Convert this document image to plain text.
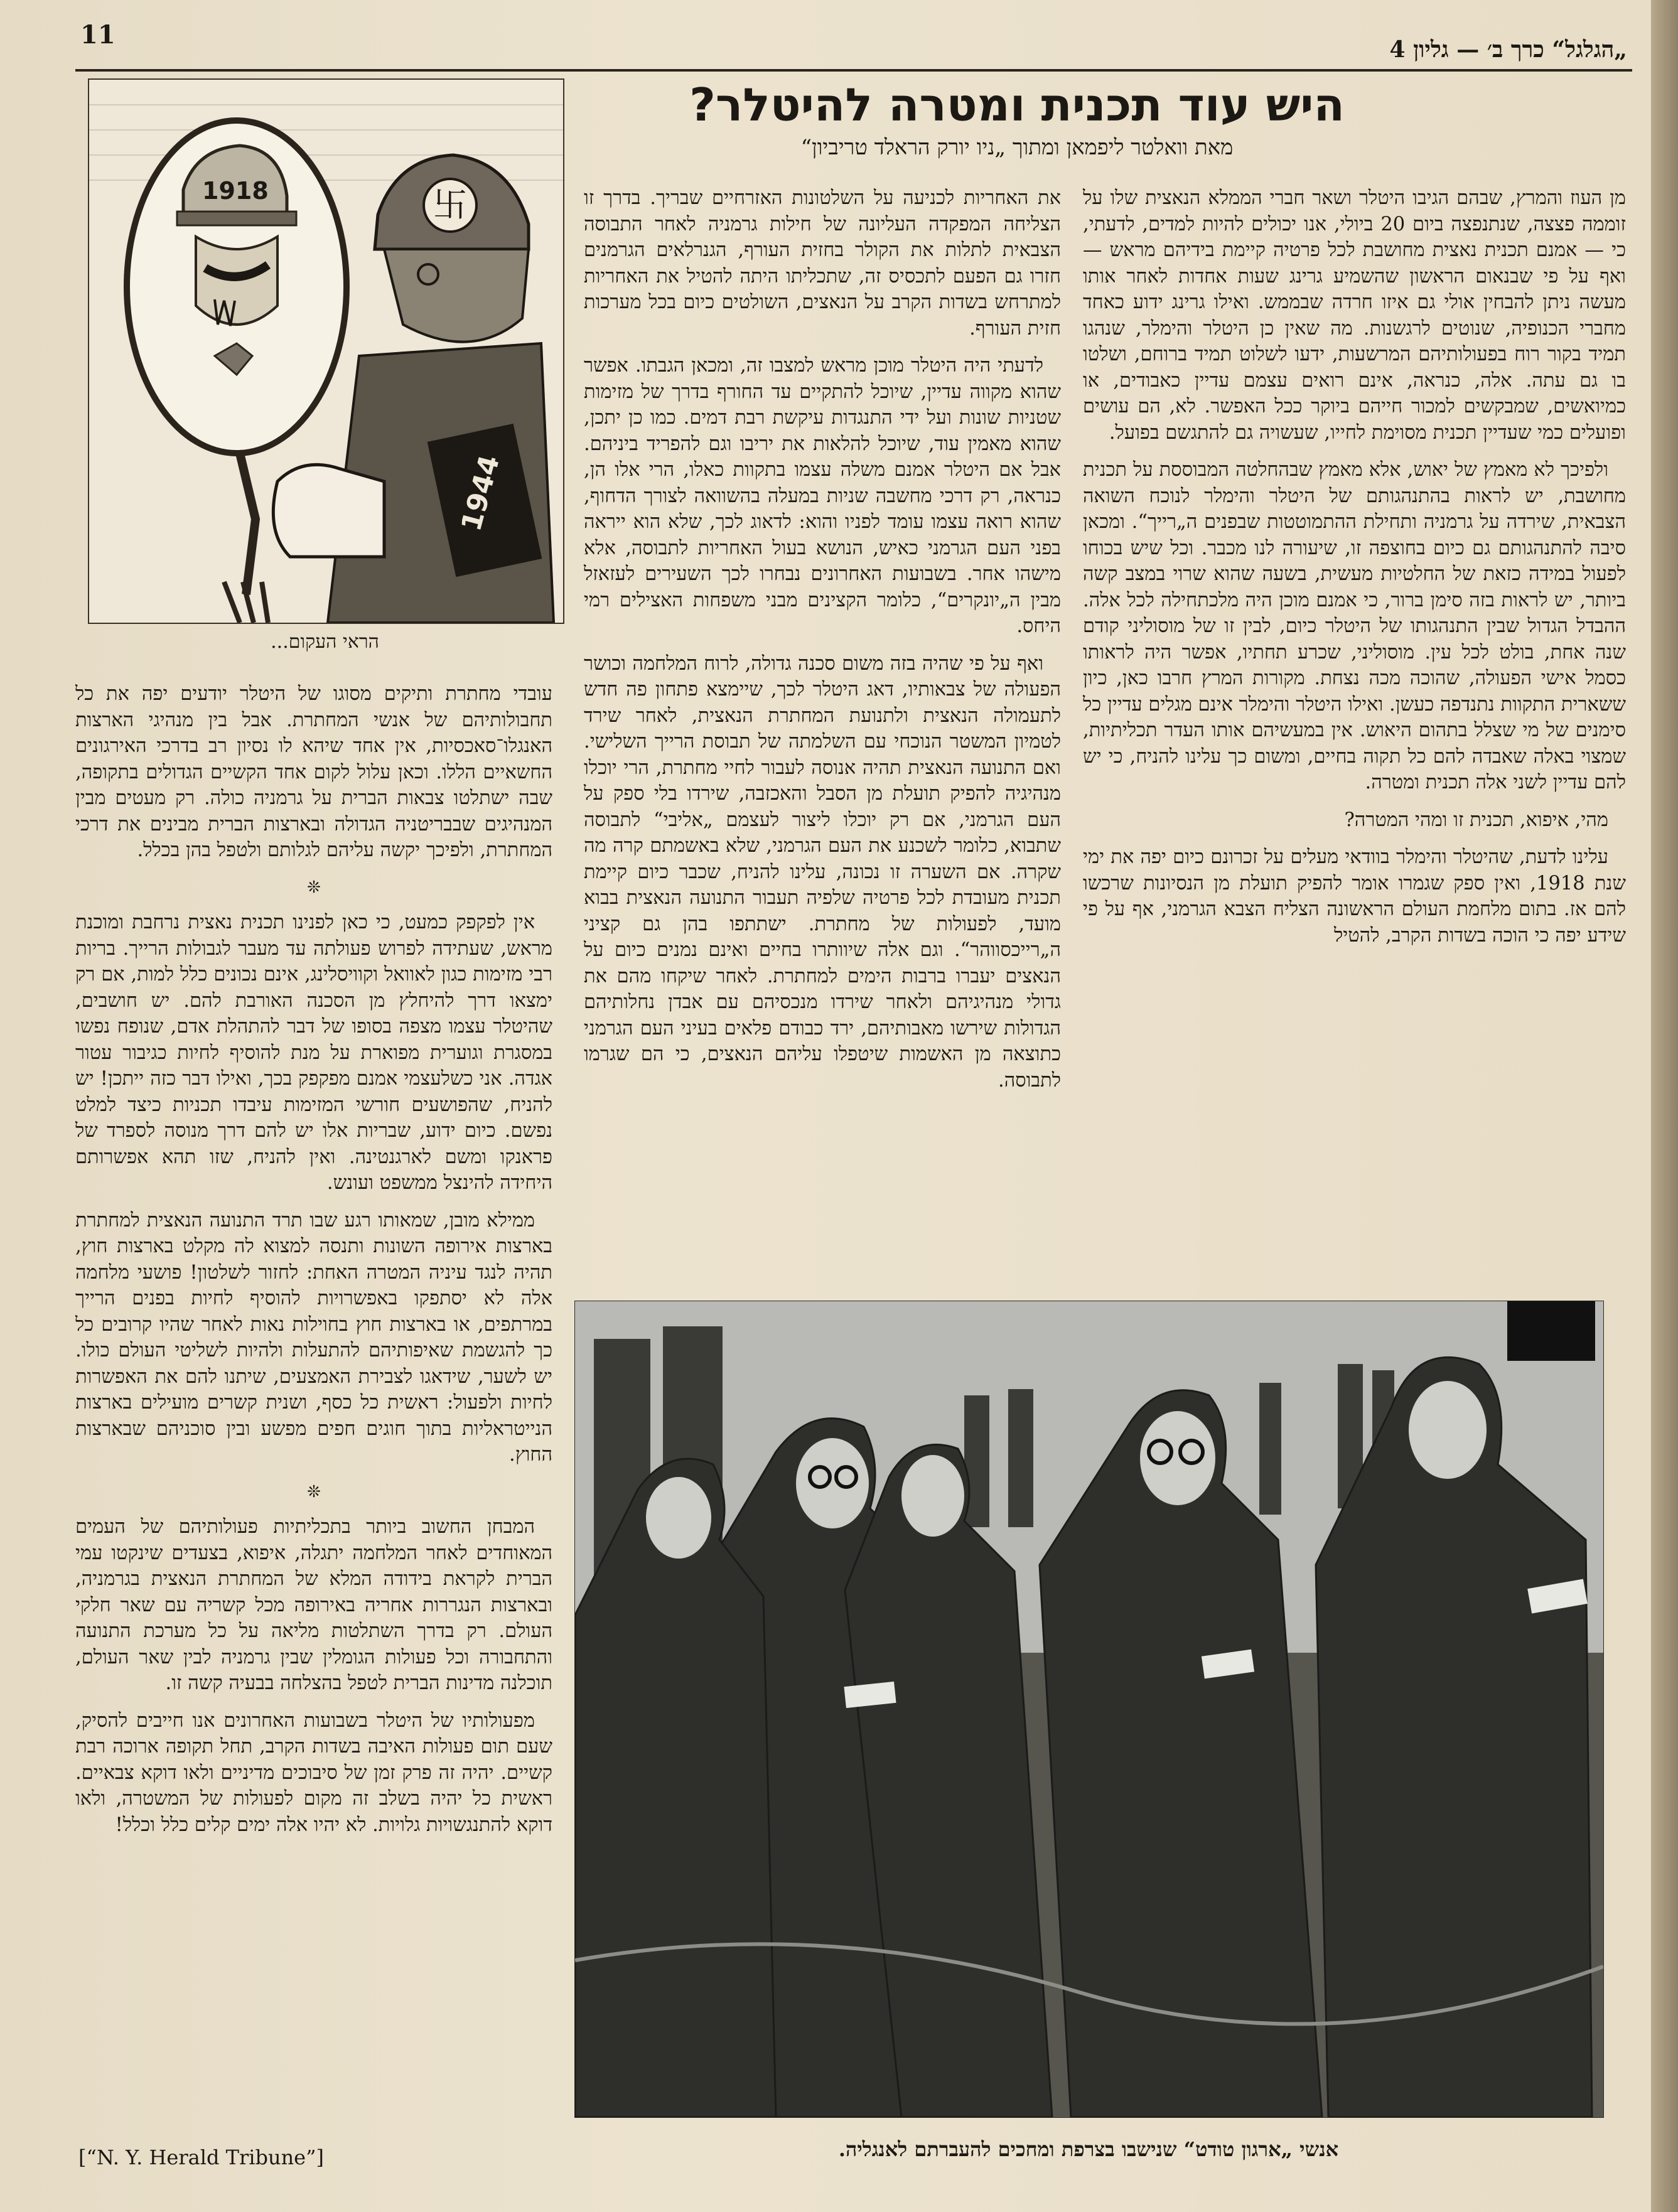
11	„הגלגל“ כרך ב׳ — גליון 4
היש עוד תכנית ומטרה להיטלר?

מאת וואלטר ליפמאן ומתוך „ניו יורק הראלד טריביון“

מן העוז והמרץ, שבהם הגיבו היטלר ושאר חברי הממלא הנאצית שלו על זוממה פצצה, שנתנפצה ביום 20 ביולי, אנו יכולים להיות למדים, לדעתי, כי — אמנם תכנית נאצית מחושבת לכל פרטיה קיימת בידיהם מראש — ואף על פי שבנאום הראשון שהשמיע גרינג שעות אחדות לאחר אותו מעשה ניתן להבחין אולי גם איזו חרדה שבממש. ואילו גרינג ידוע כאחד מחברי הכנופיה, שנוטים לרגשנות. מה שאין כן היטלר והימלר, שנהגו תמיד בקור רוח בפעולותיהם המרשעות, ידעו לשלוט תמיד ברוחם, ושלטו בו גם עתה. אלה, כנראה, אינם רואים עצמם עדיין כאבודים, או כמיואשים, שמבקשים למכור חייהם ביוקר ככל האפשר. לא, הם עושים ופועלים כמי שעדיין תכנית מסוימת לחייו, שעשויה גם להתגשם בפועל.

ולפיכך לא מאמץ של יאוש, אלא מאמץ שבהחלטה המבוססת על תכנית מחושבת, יש לראות בהתנהגותם של היטלר והימלר לנוכח השואה הצבאית, שירדה על גרמניה ותחילת ההתמוטטות שבפנים ה„רייך“. ומכאן סיבה להתנהגותם גם כיום בחוצפה זו, שיעורה לנו מכבר. וכל שיש בכוחו לפעול במידה כזאת של החלטיות מעשית, בשעה שהוא שרוי במצב קשה ביותר, יש לראות בזה סימן ברור, כי אמנם מוכן היה מלכתחילה לכל אלה. ההבדל הגדול שבין התנהגותו של היטלר כיום, לבין זו של מוסוליני קודם שנה אחת, בולט לכל עין. מוסוליני, שכרע תחתיו, אפשר היה לראותו כסמל אישי הפעולה, שהוכה מכה נצחת. מקורות המרץ חרבו כאן, כיון ששארית התקוות נתנדפה כעשן. ואילו היטלר והימלר אינם מגלים עדיין כל סימנים של מי שצלל בתהום היאוש. אין במעשיהם אותו העדר תכליתיות, שמצוי באלה שאבדה להם כל תקוה בחיים, ומשום כך עלינו להניח, כי יש להם עדיין לשני אלה תכנית ומטרה.

מהי, איפוא, תכנית זו ומהי המטרה?

עלינו לדעת, שהיטלר והימלר בוודאי מעלים על זכרונם כיום יפה את ימי שנת 1918, ואין ספק שגמרו אומר להפיק תועלת מן הנסיונות שרכשו להם אז. בתום מלחמת העולם הראשונה הצליח הצבא הגרמני, אף על פי שידע יפה כי הוכה בשדות הקרב, להטיל

את האחריות לכניעה על השלטונות האזרחיים שבריך. בדרך זו הצליחה המפקדה העליונה של חילות גרמניה לאחר התבוסה הצבאית לתלות את הקולר בחזית העורף, הגנרלאים הגרמנים חזרו גם הפעם לתכסיס זה, שתכליתו היתה להטיל את האחריות למתרחש בשדות הקרב על הנאצים, השולטים כיום בכל מערכות חזית העורף.

לדעתי היה היטלר מוכן מראש למצבו זה, ומכאן הגבתו. אפשר שהוא מקווה עדיין, שיוכל להתקיים עד החורף בדרך של מזימות שטניות שונות ועל ידי התנגדות עיקשת רבת דמים. כמו כן יתכן, שהוא מאמין עוד, שיוכל להלאות את יריבו וגם להפריד ביניהם. אבל אם היטלר אמנם משלה עצמו בתקוות כאלו, הרי אלו הן, כנראה, רק דרכי מחשבה שניות במעלה בהשוואה לצורך הדחוף, שהוא רואה עצמו עומד לפניו והוא: לדאוג לכך, שלא הוא ייראה בפני העם הגרמני כאיש, הנושא בעול האחריות לתבוסה, אלא מישהו אחר. בשבועות האחרונים נבחרו לכך השעירים לעזאזל מבין ה„יונקרים“, כלומר הקצינים מבני משפחות האצילים רמי היחס.

ואף על פי שהיה בזה משום סכנה גדולה, לרוח המלחמה וכושר הפעולה של צבאותיו, דאג היטלר לכך, שיימצא פתחון פה חדש לתעמולה הנאצית ולתנועת המחתרת הנאצית, לאחר שירד לטמיון המשטר הנוכחי עם השלמתה של תבוסת הרייך השלישי. ואם התנועה הנאצית תהיה אנוסה לעבור לחיי מחתרת, הרי יוכלו מנהיגיה להפיק תועלת מן הסבל והאכזבה, שירדו בלי ספק על העם הגרמני, אם רק יוכלו ליצור לעצמם „אליבי“ לתבוסה שתבוא, כלומר לשכנע את העם הגרמני, שלא באשמתם קרה מה שקרה. אם השערה זו נכונה, עלינו להניח, שכבר כיום קיימת תכנית מעובדת לכל פרטיה שלפיה תעבור התנועה הנאצית בבוא מועד, לפעולות של מחתרת. ישתתפו בהן גם קציני ה„רייכסווהר“. וגם אלה שיוותרו בחיים ואינם נמנים כיום על הנאצים יעברו ברבות הימים למחתרת. לאחר שיקחו מהם את גדולי מנהיגיהם ולאחר שירדו מנכסיהם עם אבדן נחלותיהם הגדולות שירשו מאבותיהם, ירד כבודם פלאים בעיני העם הגרמני כתוצאה מן האשמות שיטפלו עליהם הנאצים, כי הם שגרמו לתבוסה.

1918	卐
1944

הראי העקום...

עובדי מחתרת ותיקים מסוגו של היטלר יודעים יפה את כל תחבולותיהם של אנשי המחתרת. אבל בין מנהיגי הארצות האנגלו־סאכסיות, אין אחד שיהא לו נסיון רב בדרכי האירגונים החשאיים הללו. וכאן עלול לקום אחד הקשיים הגדולים בתקופה, שבה ישתלטו צבאות הברית על גרמניה כולה. רק מעטים מבין המנהיגים שבבריטניה הגדולה ובארצות הברית מבינים את דרכי המחתרת, ולפיכך יקשה עליהם לגלותם ולטפל בהן בכלל.

❊

אין לפקפק כמעט, כי כאן לפנינו תכנית נאצית נרחבת ומוכנת מראש, שעתידה לפרוש פעולתה עד מעבר לגבולות הרייך. בריות רבי מזימות כגון לאוואל וקוויסלינג, אינם נכונים כלל למות, אם רק ימצאו דרך להיחלץ מן הסכנה האורבת להם. יש חושבים, שהיטלר עצמו מצפה בסופו של דבר להתהלת אדם, שנופח נפשו במסגרת וגוערית מפוארת על מנת להוסיף לחיות כגיבור עטור אגדה. אני כשלעצמי אמנם מפקפק בכך, ואילו דבר כזה ייתכן! יש להניח, שהפושעים חורשי המזימות עיבדו תכניות כיצד למלט נפשם. כיום ידוע, שבריות אלו יש להם דרך מנוסה לספרד של פראנקו ומשם לארגנטינה. ואין להניח, שזו תהא אפשרותם היחידה להינצל ממשפט ועונש.

ממילא מובן, שמאותו רגע שבו תרד התנועה הנאצית למחתרת בארצות אירופה השונות ותנסה למצוא לה מקלט בארצות חוץ, תהיה לנגד עיניה המטרה האחת: לחזור לשלטון! פושעי מלחמה אלה לא יסתפקו באפשרויות להוסיף לחיות בפנים הרייך במרתפים, או בארצות חוץ בחוילות נאות לאחר שהיו קרובים כל כך להגשמת שאיפותיהם להתעלות ולהיות לשליטי העולם כולו. יש לשער, שידאגו לצבירת האמצעים, שיתנו להם את האפשרות לחיות ולפעול: ראשית כל כסף, ושנית קשרים מועילים בארצות הנייטראליות בתוך חוגים חפים מפשע ובין סוכניהם שבארצות החוץ.

❊

המבחן החשוב ביותר בתכליתיות פעולותיהם של העמים המאוחדים לאחר המלחמה יתגלה, איפוא, בצעדים שינקטו עמי הברית לקראת בידודה המלא של המחתרת הנאצית בגרמניה, ובארצות הנגררות אחריה באירופה מכל קשריה עם שאר חלקי העולם. רק בדרך השתלטות מליאה על כל מערכת התנועה והתחבורה וכל פעולות הגומלין שבין גרמניה לבין שאר העולם, תוכלנה מדינות הברית לטפל בהצלחה בבעיה קשה זו.

מפעולותיו של היטלר בשבועות האחרונים אנו חייבים להסיק, שעם תום פעולות האיבה בשדות הקרב, תחל תקופה ארוכה רבת קשיים. יהיה זה פרק זמן של סיבוכים מדיניים ולאו דוקא צבאיים. ראשית כל יהיה בשלב זה מקום לפעולות של המשטרה, ולאו דוקא להתנגשויות גלויות. לא יהיו אלה ימים קלים כלל וכלל!

אנשי „ארגון טודט“ שנישבו בצרפת ומחכים להעברתם לאנגליה.

[“N. Y. Herald Tribune”]
